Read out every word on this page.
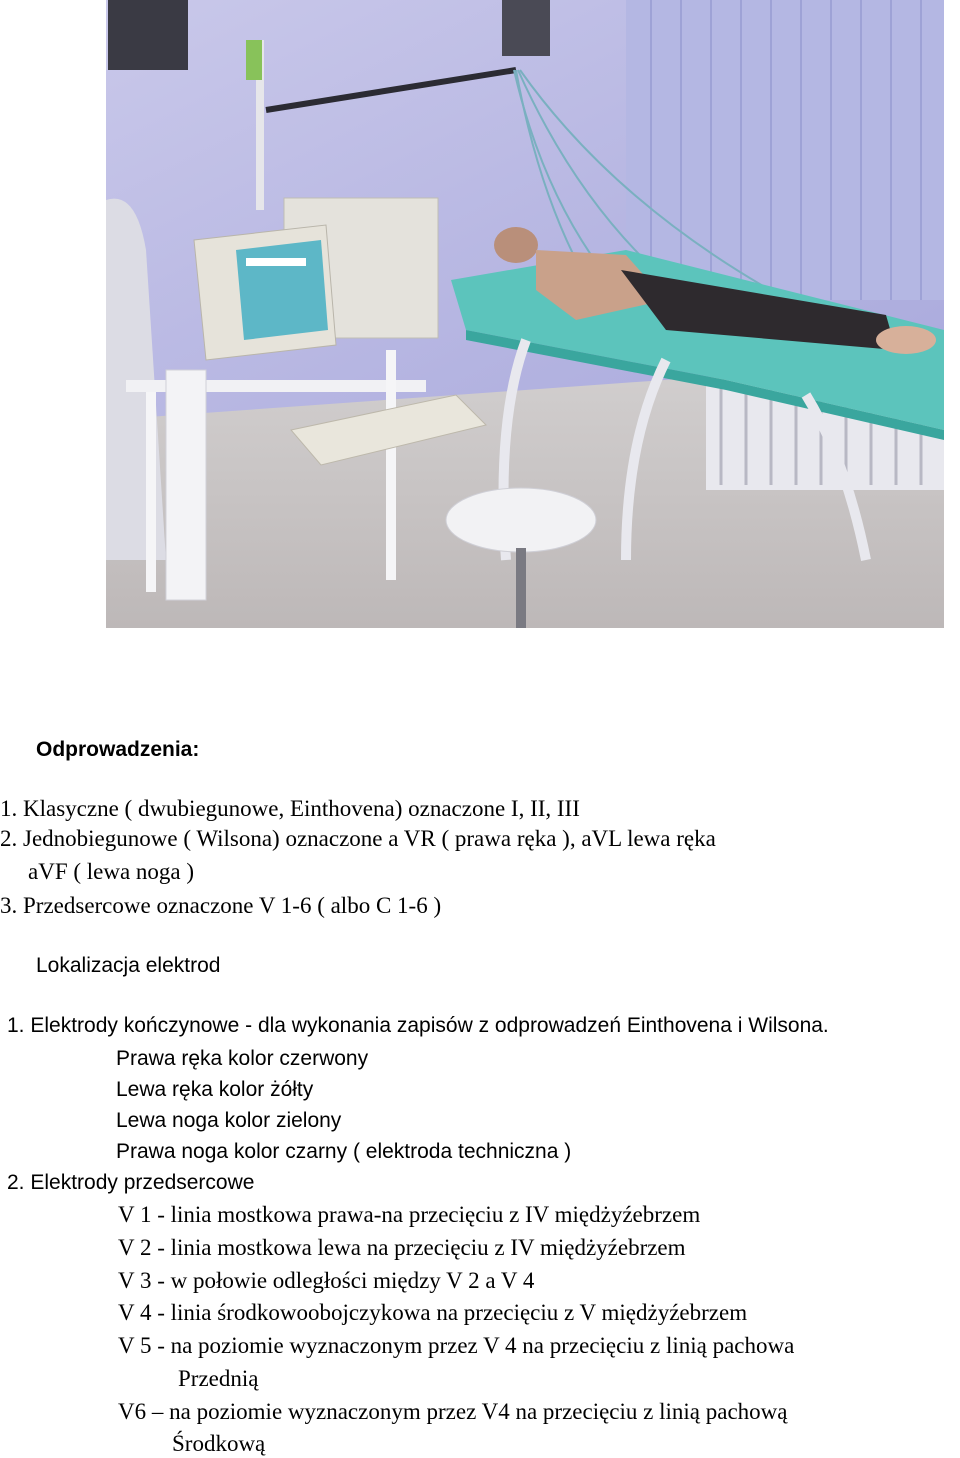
Odprowadzenia:
1. Klasyczne ( dwubiegunowe, Einthovena) oznaczone I, II, III
2. Jednobiegunowe ( Wilsona) oznaczone a VR ( prawa ręka ), aVL lewa ręka
aVF ( lewa noga )
3. Przedsercowe oznaczone V 1-6 ( albo C 1-6 )
Lokalizacja elektrod
1. Elektrody kończynowe - dla wykonania zapisów z odprowadzeń Einthovena i Wilsona.
Prawa ręka kolor czerwony
Lewa ręka kolor żółty
Lewa noga kolor zielony
Prawa noga kolor czarny ( elektroda techniczna )
2. Elektrody przedsercowe
V 1 - linia mostkowa prawa-na przecięciu z IV międżyźebrzem
V 2 - linia mostkowa lewa na przecięciu z IV międżyźebrzem
V 3 - w połowie odległości między V 2 a V 4
V 4 - linia środkowoobojczykowa na przecięciu z V międżyźebrzem
V 5 - na poziomie wyznaczonym przez V 4 na przecięciu z linią pachowa
Przednią
V6 – na poziomie wyznaczonym przez V4 na przecięciu z linią pachową
Środkową
